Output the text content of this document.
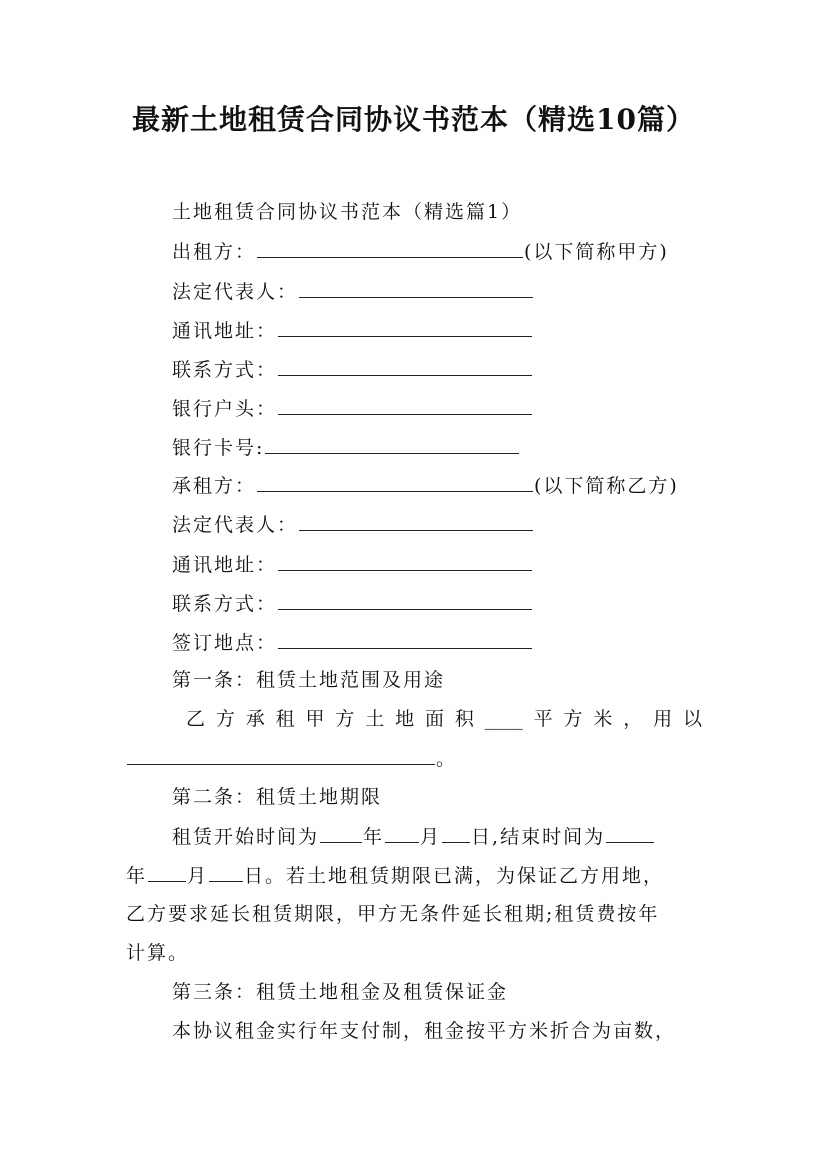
最新土地租赁合同协议书范本（精选10篇）
土地租赁合同协议书范本（精选篇1）
出租方：	(以下简称甲方)
法定代表人：
通讯地址：
联系方式：
银行户头：
银行卡号:
承租方：	(以下简称乙方)
法定代表人：
通讯地址：
联系方式：
签订地点：
第一条：租赁土地范围及用途
乙 方 承 租 甲 方 土 地 面 积 ____ 平 方 米 ， 用 以
。
第二条：租赁土地期限
租赁开始时间为 年 月 日,结束时间为
年 月 日。若土地租赁期限已满，为保证乙方用地，
乙方要求延长租赁期限，甲方无条件延长租期;租赁费按年
计算。
第三条：租赁土地租金及租赁保证金
本协议租金实行年支付制，租金按平方米折合为亩数，
